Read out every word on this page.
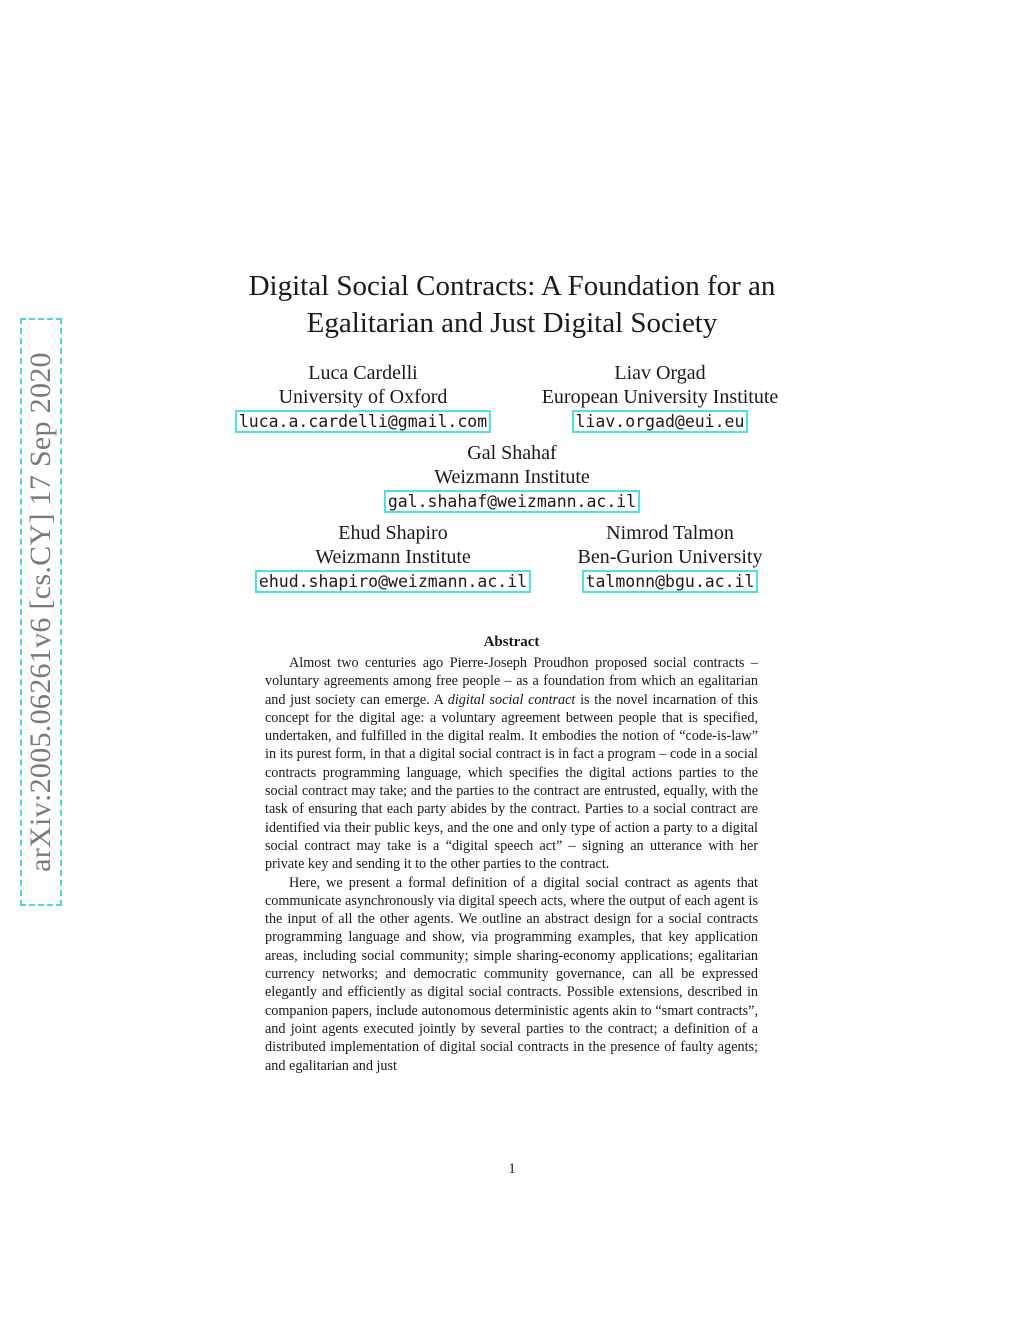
arXiv:2005.06261v6 [cs.CY] 17 Sep 2020
Digital Social Contracts: A Foundation for an
Egalitarian and Just Digital Society
Luca Cardelli
University of Oxford
luca.a.cardelli@gmail.com
Liav Orgad
European University Institute
liav.orgad@eui.eu
Gal Shahaf
Weizmann Institute
gal.shahaf@weizmann.ac.il
Ehud Shapiro
Weizmann Institute
ehud.shapiro@weizmann.ac.il
Nimrod Talmon
Ben-Gurion University
talmonn@bgu.ac.il
Abstract

Almost two centuries ago Pierre-Joseph Proudhon proposed social contracts – voluntary agreements among free people – as a foundation from which an egalitarian and just society can emerge. A digital social contract is the novel incarnation of this concept for the digital age: a voluntary agreement between people that is specified, undertaken, and fulfilled in the digital realm. It embodies the notion of “code-is-law” in its purest form, in that a digital social contract is in fact a program – code in a social contracts programming language, which specifies the digital actions parties to the social contract may take; and the parties to the contract are entrusted, equally, with the task of ensuring that each party abides by the contract. Parties to a social contract are identified via their public keys, and the one and only type of action a party to a digital social contract may take is a “digital speech act” – signing an utterance with her private key and sending it to the other parties to the contract.

Here, we present a formal definition of a digital social contract as agents that communicate asynchronously via digital speech acts, where the output of each agent is the input of all the other agents. We outline an abstract design for a social contracts programming language and show, via programming examples, that key application areas, including social community; simple sharing-economy applications; egalitarian currency networks; and democratic community governance, can all be expressed elegantly and efficiently as digital social contracts. Possible extensions, described in companion papers, include autonomous deterministic agents akin to “smart contracts”, and joint agents executed jointly by several parties to the contract; a definition of a distributed implementation of digital social contracts in the presence of faulty agents; and egalitarian and just

1
